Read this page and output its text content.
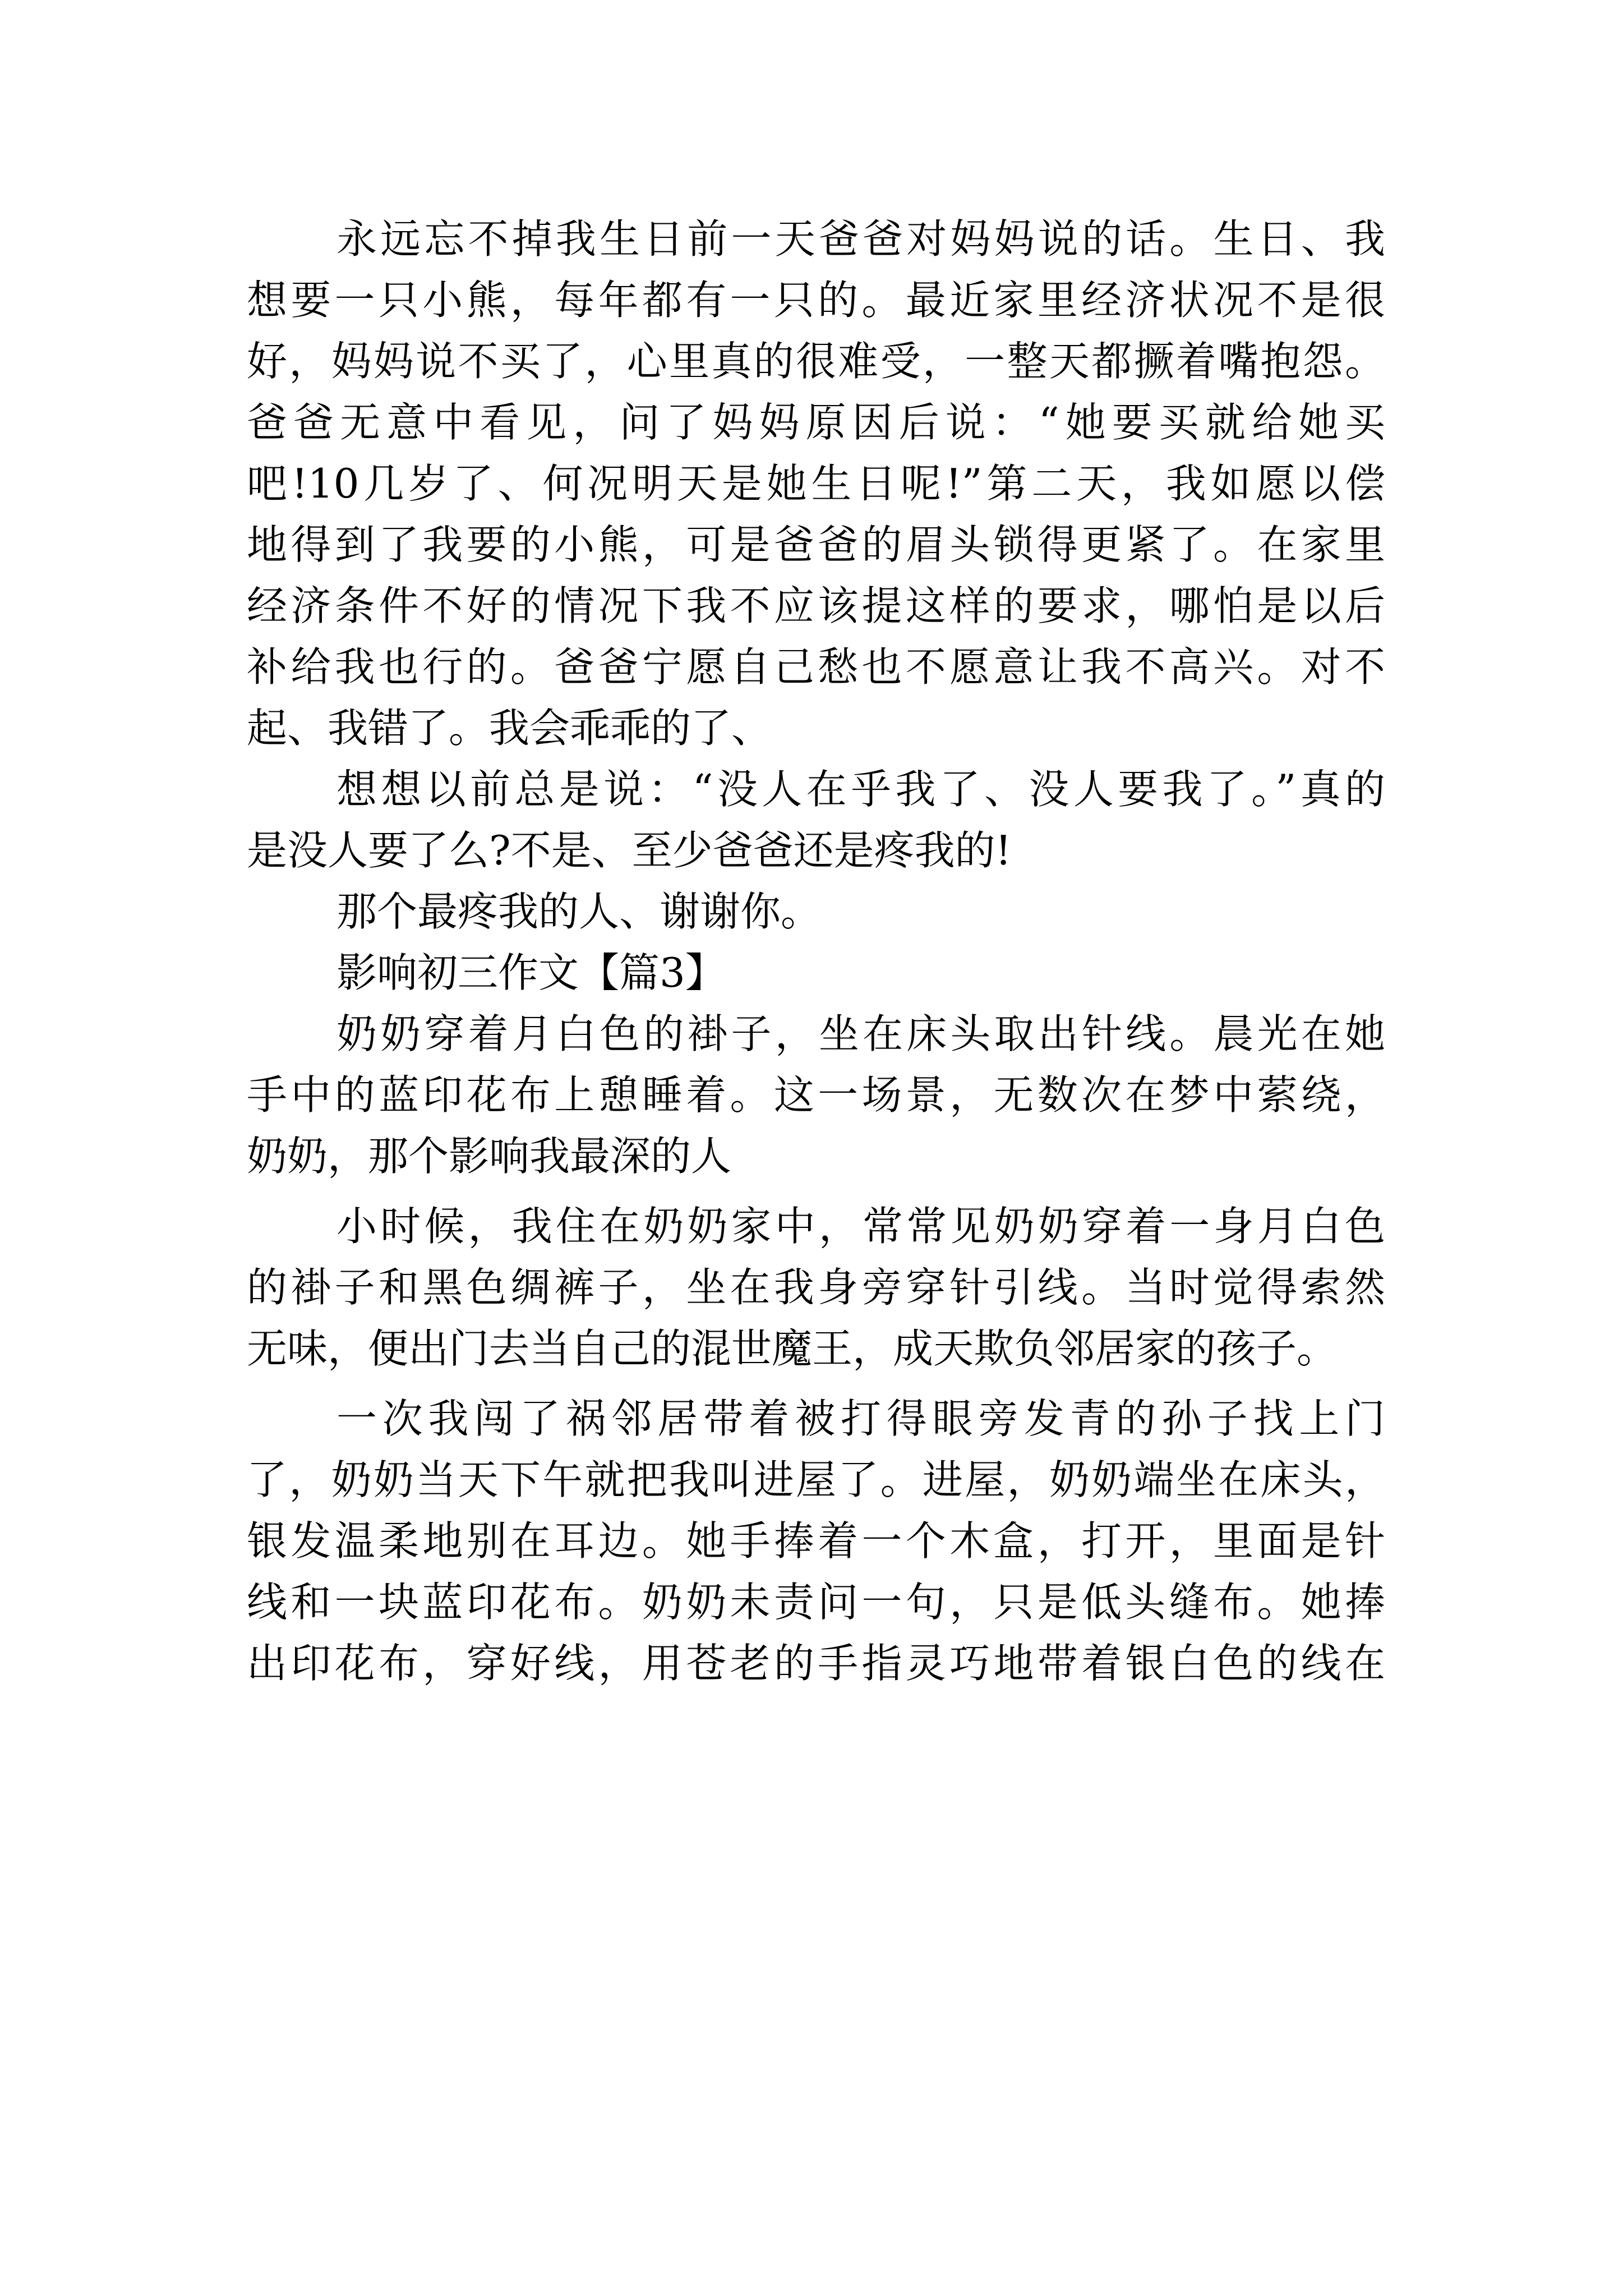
永远忘不掉我生日前一天爸爸对妈妈说的话。生日、我
想要一只小熊，每年都有一只的。最近家里经济状况不是很
好，妈妈说不买了，心里真的很难受，一整天都撅着嘴抱怨。
爸爸无意中看见，问了妈妈原因后说：“她要买就给她买
吧!10几岁了、何况明天是她生日呢!”第二天，我如愿以偿
地得到了我要的小熊，可是爸爸的眉头锁得更紧了。在家里
经济条件不好的情况下我不应该提这样的要求，哪怕是以后
补给我也行的。爸爸宁愿自己愁也不愿意让我不高兴。对不
起、我错了。我会乖乖的了、
想想以前总是说：“没人在乎我了、没人要我了。”真的
是没人要了么?不是、至少爸爸还是疼我的!
那个最疼我的人、谢谢你。
影响初三作文【篇3】
奶奶穿着月白色的褂子，坐在床头取出针线。晨光在她
手中的蓝印花布上憩睡着。这一场景，无数次在梦中萦绕，
奶奶，那个影响我最深的人
小时候，我住在奶奶家中，常常见奶奶穿着一身月白色
的褂子和黑色绸裤子，坐在我身旁穿针引线。当时觉得索然
无味，便出门去当自己的混世魔王，成天欺负邻居家的孩子。
一次我闯了祸邻居带着被打得眼旁发青的孙子找上门
了，奶奶当天下午就把我叫进屋了。进屋，奶奶端坐在床头，
银发温柔地别在耳边。她手捧着一个木盒，打开，里面是针
线和一块蓝印花布。奶奶未责问一句，只是低头缝布。她捧
出印花布，穿好线，用苍老的手指灵巧地带着银白色的线在
